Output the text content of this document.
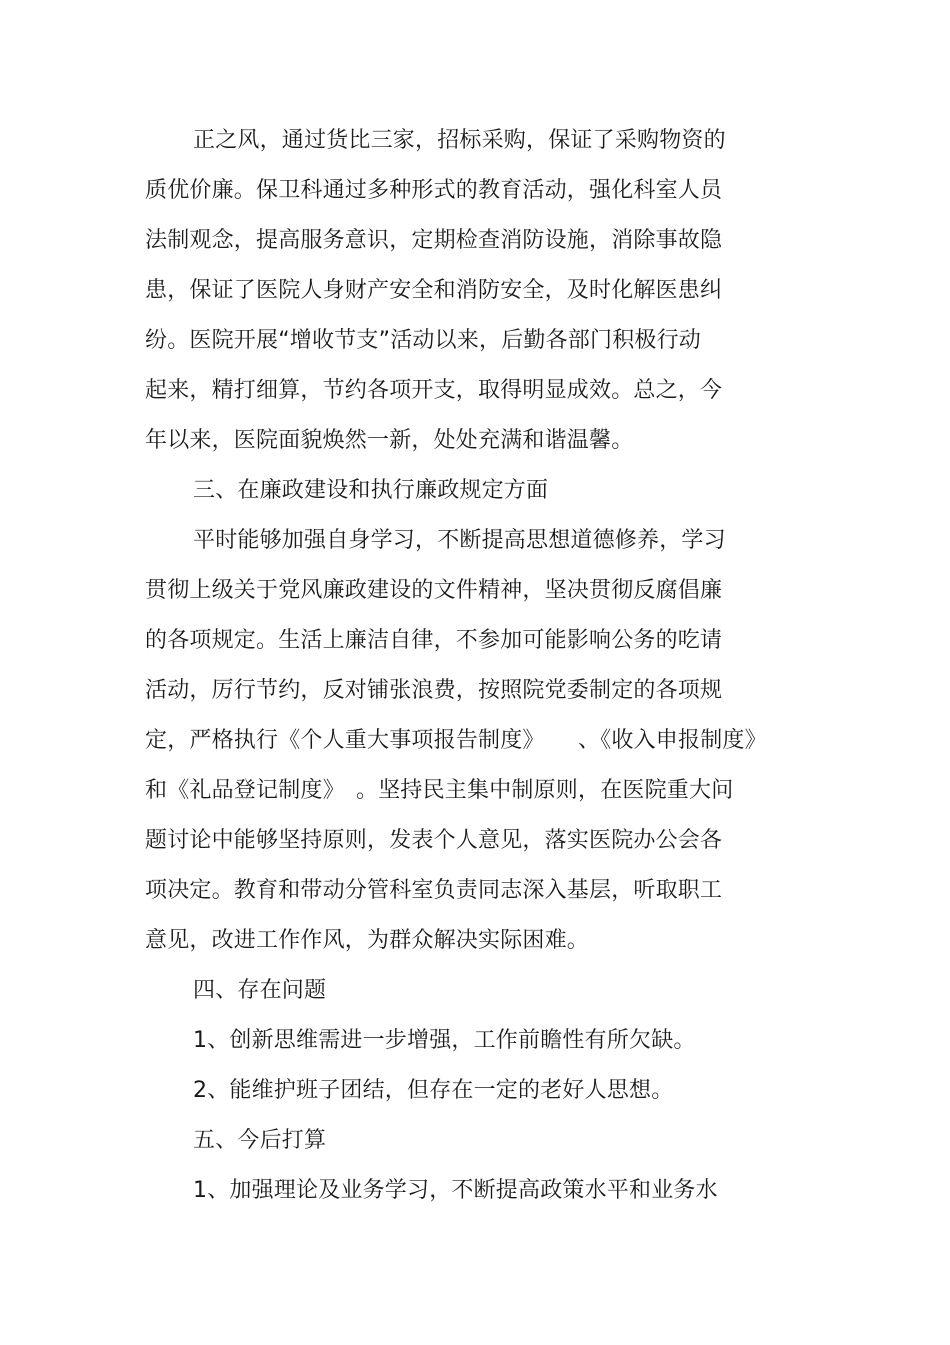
正之风，通过货比三家，招标采购，保证了采购物资的
质优价廉。保卫科通过多种形式的教育活动，强化科室人员
法制观念，提高服务意识，定期检查消防设施，消除事故隐
患，保证了医院人身财产安全和消防安全，及时化解医患纠
纷。医院开展“增收节支”活动以来，后勤各部门积极行动
起来，精打细算，节约各项开支，取得明显成效。总之，今
年以来，医院面貌焕然一新，处处充满和谐温馨。
三、在廉政建设和执行廉政规定方面
平时能够加强自身学习，不断提高思想道德修养，学习
贯彻上级关于党风廉政建设的文件精神，坚决贯彻反腐倡廉
的各项规定。生活上廉洁自律，不参加可能影响公务的吃请
活动，厉行节约，反对铺张浪费，按照院党委制定的各项规
定，严格执行《个人重大事项报告制度》　　、《收入申报制度》
和《礼品登记制度》　。坚持民主集中制原则，在医院重大问
题讨论中能够坚持原则，发表个人意见，落实医院办公会各
项决定。教育和带动分管科室负责同志深入基层，听取职工
意见，改进工作作风，为群众解决实际困难。
四、存在问题
1、创新思维需进一步增强，工作前瞻性有所欠缺。
2、能维护班子团结，但存在一定的老好人思想。
五、今后打算
1、加强理论及业务学习，不断提高政策水平和业务水
